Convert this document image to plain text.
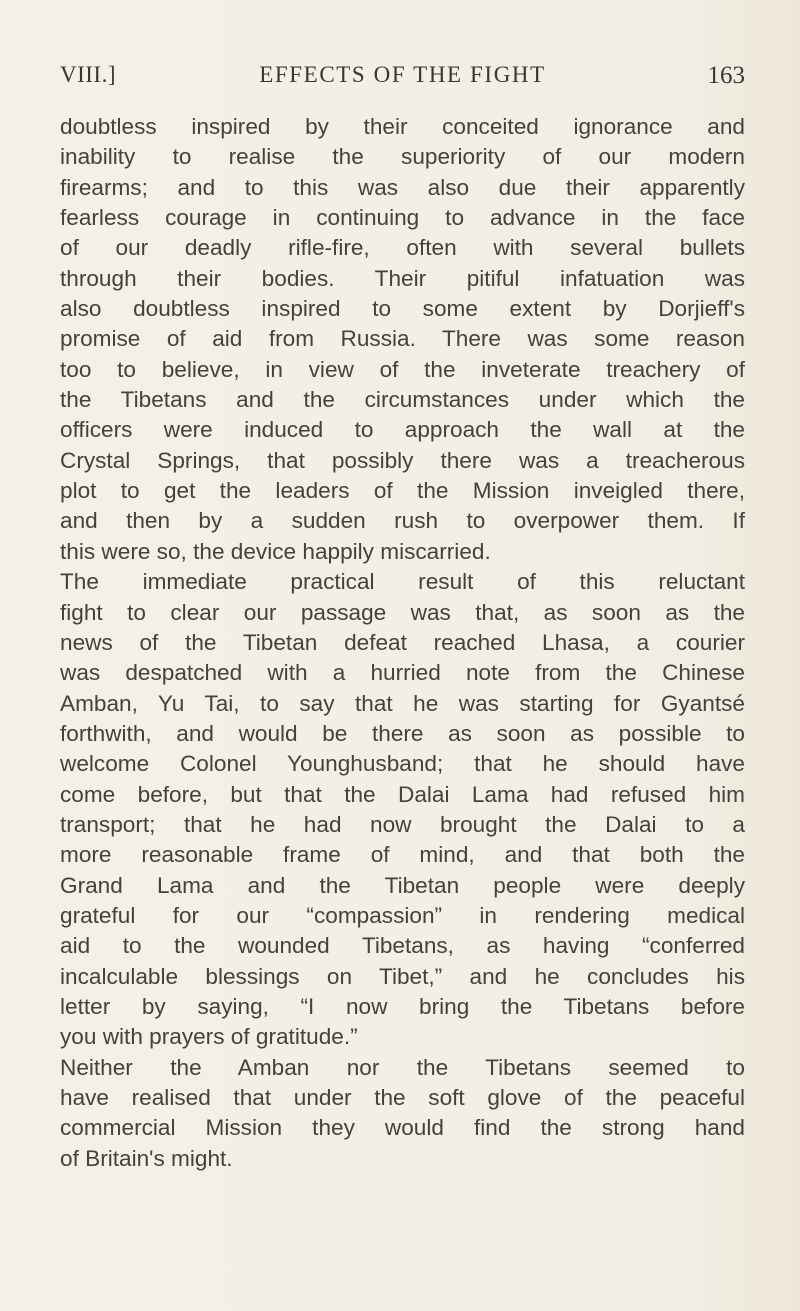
VIII.]	EFFECTS OF THE FIGHT	163
doubtless inspired by their conceited ignorance and
inability to realise the superiority of our modern
firearms; and to this was also due their apparently
fearless courage in continuing to advance in the face
of our deadly rifle-fire, often with several bullets
through their bodies. Their pitiful infatuation was
also doubtless inspired to some extent by Dorjieff's
promise of aid from Russia. There was some reason
too to believe, in view of the inveterate treachery of
the Tibetans and the circumstances under which the
officers were induced to approach the wall at the
Crystal Springs, that possibly there was a treacherous
plot to get the leaders of the Mission inveigled there,
and then by a sudden rush to overpower them. If
this were so, the device happily miscarried.
The immediate practical result of this reluctant
fight to clear our passage was that, as soon as the
news of the Tibetan defeat reached Lhasa, a courier
was despatched with a hurried note from the Chinese
Amban, Yu Tai, to say that he was starting for Gyantsé
forthwith, and would be there as soon as possible to
welcome Colonel Younghusband; that he should have
come before, but that the Dalai Lama had refused him
transport; that he had now brought the Dalai to a
more reasonable frame of mind, and that both the
Grand Lama and the Tibetan people were deeply
grateful for our “compassion” in rendering medical
aid to the wounded Tibetans, as having “conferred
incalculable blessings on Tibet,” and he concludes his
letter by saying, “I now bring the Tibetans before
you with prayers of gratitude.”
Neither the Amban nor the Tibetans seemed to
have realised that under the soft glove of the peaceful
commercial Mission they would find the strong hand
of Britain's might.
